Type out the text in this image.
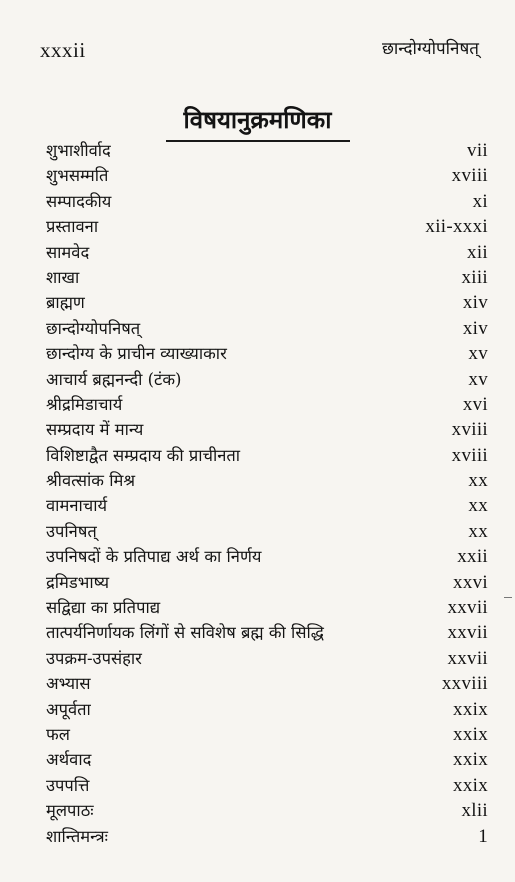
xxxii	छान्दोग्योपनिषत्
विषयानुक्रमणिका
शुभाशीर्वाद	vii
शुभसम्मति	xviii
सम्पादकीय	xi
प्रस्तावना	xii-xxxi
सामवेद	xii
शाखा	xiii
ब्राह्मण	xiv
छान्दोग्योपनिषत्	xiv
छान्दोग्य के प्राचीन व्याख्याकार	xv
आचार्य ब्रह्मनन्दी (टंक)	xv
श्रीद्रमिडाचार्य	xvi
सम्प्रदाय में मान्य	xviii
विशिष्टाद्वैत सम्प्रदाय की प्राचीनता	xviii
श्रीवत्सांक मिश्र	xx
वामनाचार्य	xx
उपनिषत्	xx
उपनिषदों के प्रतिपाद्य अर्थ का निर्णय	xxii
द्रमिडभाष्य	xxvi
सद्विद्या का प्रतिपाद्य	xxvii
तात्पर्यनिर्णायक लिंगों से सविशेष ब्रह्म की सिद्धि	xxvii
उपक्रम-उपसंहार	xxvii
अभ्यास	xxviii
अपूर्वता	xxix
फल	xxix
अर्थवाद	xxix
उपपत्ति	xxix
मूलपाठः	xlii
शान्तिमन्त्रः	1
